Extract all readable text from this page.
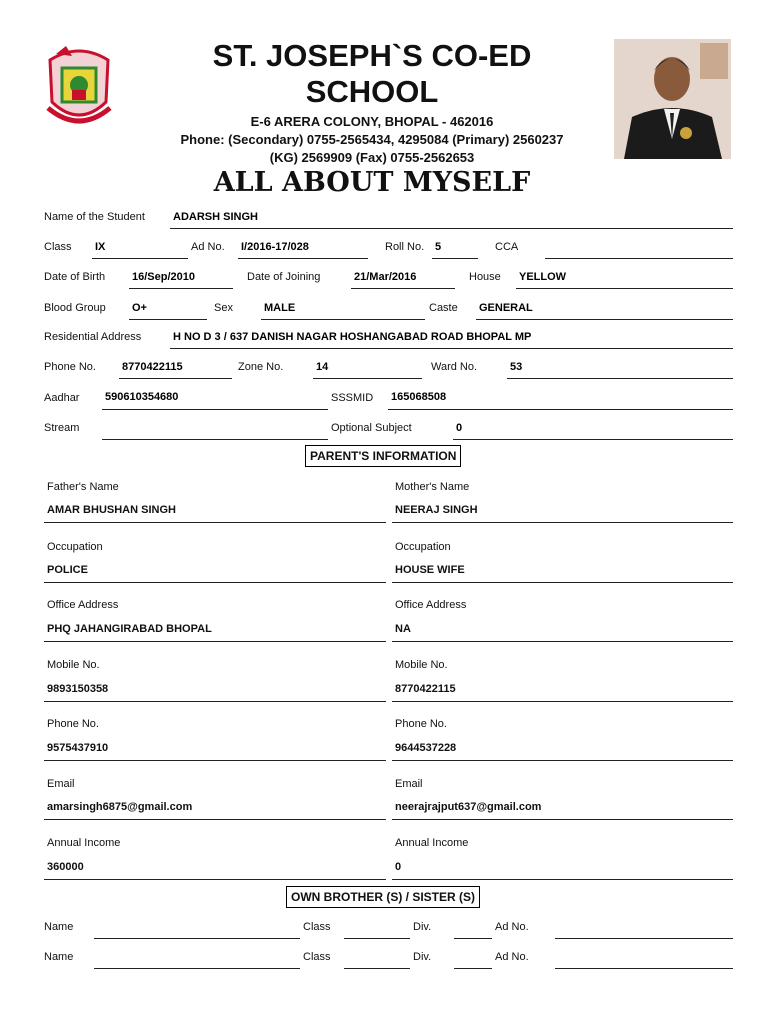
ST. JOSEPH`S CO-ED
SCHOOL
E-6 ARERA COLONY, BHOPAL - 462016
Phone: (Secondary) 0755-2565434, 4295084 (Primary) 2560237
(KG) 2569909 (Fax) 0755-2562653
ALL ABOUT MYSELF
Name of the Student	ADARSH SINGH
Class IX	Ad No. I/2016-17/028	Roll No. 5	CCA
Date of Birth 16/Sep/2010	Date of Joining	21/Mar/2016	House YELLOW
Blood Group O+	Sex	MALE	Caste GENERAL
Residential Address	H NO D 3 / 637 DANISH NAGAR HOSHANGABAD ROAD BHOPAL MP
Phone No. 8770422115	Zone No.	14	Ward No.	53
Aadhar 590610354680	SSSMID 165068508
Stream	Optional Subject	0
PARENT'S INFORMATION
Father's Name
AMAR BHUSHAN SINGH
Occupation
POLICE
Office Address
PHQ JAHANGIRABAD BHOPAL
Mobile No.
9893150358
Phone No.
9575437910
Email
amarsingh6875@gmail.com
Annual Income
360000
Mother's Name
NEERAJ SINGH
Occupation
HOUSE WIFE
Office Address
NA
Mobile No.
8770422115
Phone No.
9644537228
Email
neerajrajput637@gmail.com
Annual Income
0
OWN BROTHER (S) / SISTER (S)
Name	Class	Div.	Ad No.
Name	Class	Div.	Ad No.
